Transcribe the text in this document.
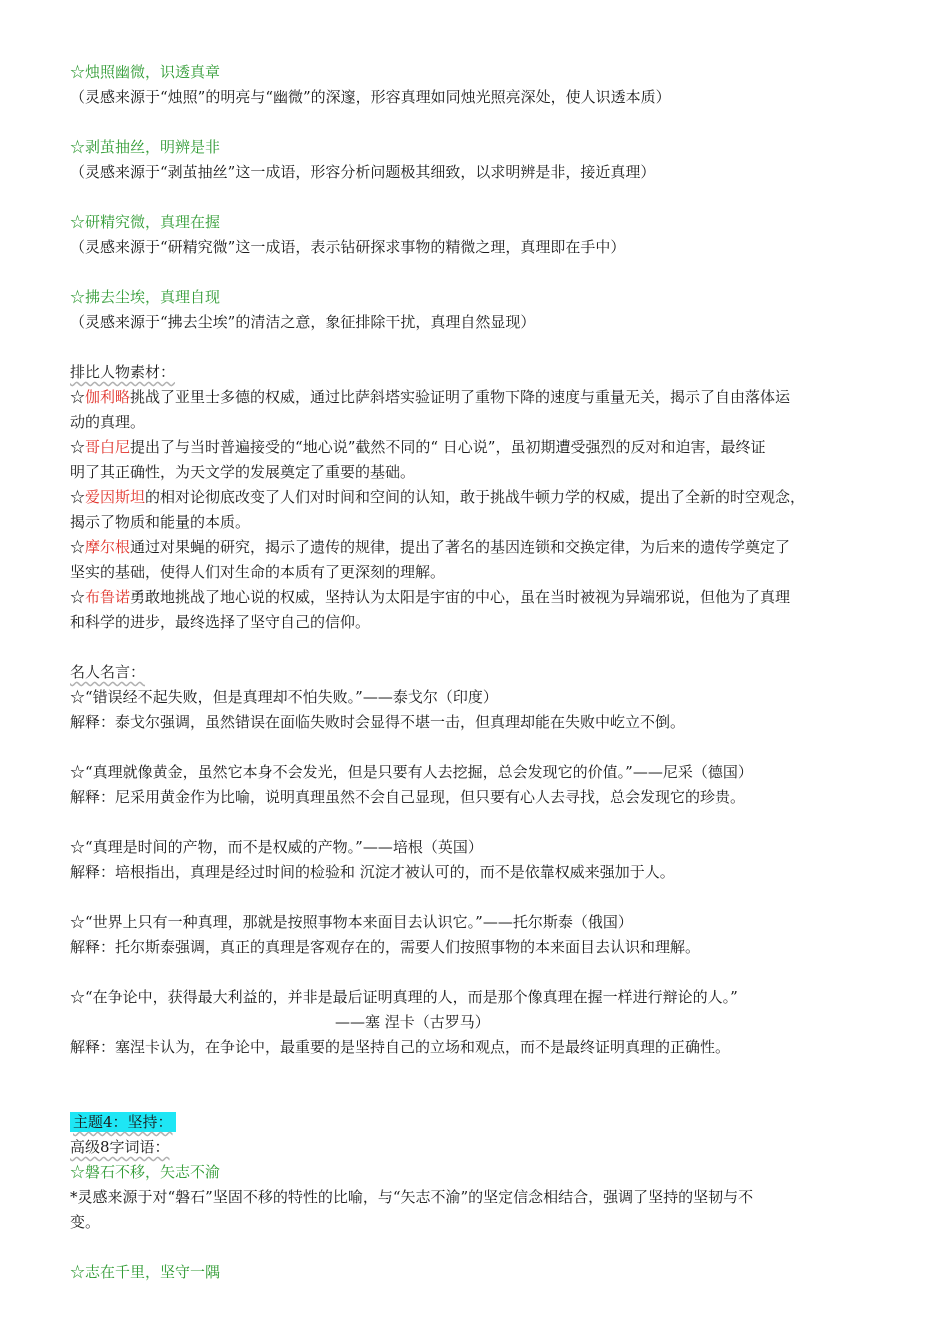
☆烛照幽微，识透真章

（灵感来源于“烛照”的明亮与“幽微”的深邃，形容真理如同烛光照亮深处，使人识透本质）

☆剥茧抽丝，明辨是非

（灵感来源于“剥茧抽丝”这一成语，形容分析问题极其细致，以求明辨是非，接近真理）

☆研精究微，真理在握

（灵感来源于“研精究微”这一成语，表示钻研探求事物的精微之理，真理即在手中）

☆拂去尘埃，真理自现

（灵感来源于“拂去尘埃”的清洁之意，象征排除干扰，真理自然显现）

排比人物素材：

☆伽利略挑战了亚里士多德的权威，通过比萨斜塔实验证明了重物下降的速度与重量无关，揭示了自由落体运

动的真理。

☆哥白尼提出了与当时普遍接受的“地心说”截然不同的“ 日心说”，虽初期遭受强烈的反对和迫害，最终证

明了其正确性，为天文学的发展奠定了重要的基础。

☆爱因斯坦的相对论彻底改变了人们对时间和空间的认知，敢于挑战牛顿力学的权威，提出了全新的时空观念，

揭示了物质和能量的本质。

☆摩尔根通过对果蝇的研究，揭示了遗传的规律，提出了著名的基因连锁和交换定律，为后来的遗传学奠定了

坚实的基础，使得人们对生命的本质有了更深刻的理解。

☆布鲁诺勇敢地挑战了地心说的权威，坚持认为太阳是宇宙的中心，虽在当时被视为异端邪说，但他为了真理

和科学的进步，最终选择了坚守自己的信仰。

名人名言：

☆“错误经不起失败，但是真理却不怕失败。”——泰戈尔（印度）

解释：泰戈尔强调，虽然错误在面临失败时会显得不堪一击，但真理却能在失败中屹立不倒。

☆“真理就像黄金，虽然它本身不会发光，但是只要有人去挖掘，总会发现它的价值。”——尼采（德国）

解释：尼采用黄金作为比喻，说明真理虽然不会自己显现，但只要有心人去寻找，总会发现它的珍贵。

☆“真理是时间的产物，而不是权威的产物。”——培根（英国）

解释：培根指出，真理是经过时间的检验和 沉淀才被认可的，而不是依靠权威来强加于人。

☆“世界上只有一种真理，那就是按照事物本来面目去认识它。”——托尔斯泰（俄国）

解释：托尔斯泰强调，真正的真理是客观存在的，需要人们按照事物的本来面目去认识和理解。

☆“在争论中，获得最大利益的，并非是最后证明真理的人，而是那个像真理在握一样进行辩论的人。”

——塞 涅卡（古罗马）

解释：塞涅卡认为，在争论中，最重要的是坚持自己的立场和观点，而不是最终证明真理的正确性。

主题4：坚持：

高级8字词语：

☆磐石不移，矢志不渝

*灵感来源于对“磐石”坚固不移的特性的比喻，与“矢志不渝”的坚定信念相结合，强调了坚持的坚韧与不

变。

☆志在千里，坚守一隅
